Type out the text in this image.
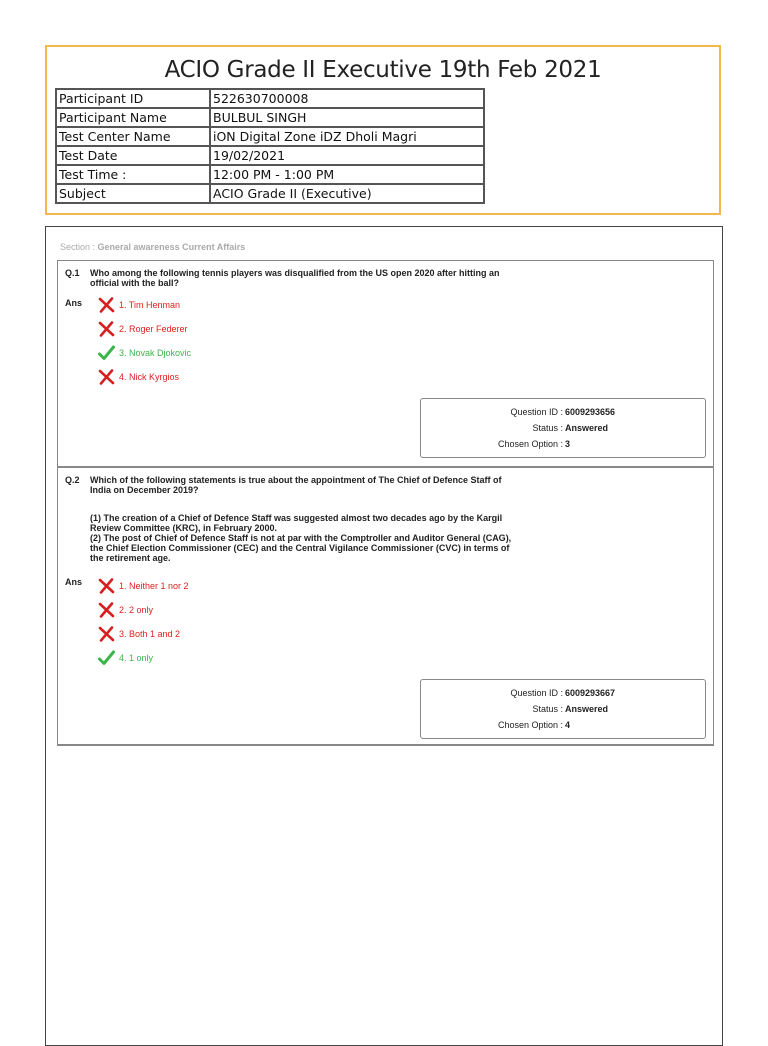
ACIO Grade II Executive 19th Feb 2021
Participant ID	522630700008
Participant Name	BULBUL SINGH
Test Center Name	iON Digital Zone iDZ Dholi Magri
Test Date	19/02/2021
Test Time :	12:00 PM - 1:00 PM
Subject	ACIO Grade II (Executive)
Section : General awareness Current Affairs
Q.1 Who among the following tennis players was disqualified from the US open 2020 after hitting an official with the ball?
Ans	1. Tim Henman
2. Roger Federer
3. Novak Djokovic
4. Nick Kyrgios
Question ID : 6009293656
Status : Answered
Chosen Option : 3
Q.2 Which of the following statements is true about the appointment of The Chief of Defence Staff of India on December 2019?
(1) The creation of a Chief of Defence Staff was suggested almost two decades ago by the Kargil Review Committee (KRC), in February 2000.
(2) The post of Chief of Defence Staff is not at par with the Comptroller and Auditor General (CAG), the Chief Election Commissioner (CEC) and the Central Vigilance Commissioner (CVC) in terms of the retirement age.
Ans	1. Neither 1 nor 2
2. 2 only
3. Both 1 and 2
4. 1 only
Question ID : 6009293667
Status : Answered
Chosen Option : 4
